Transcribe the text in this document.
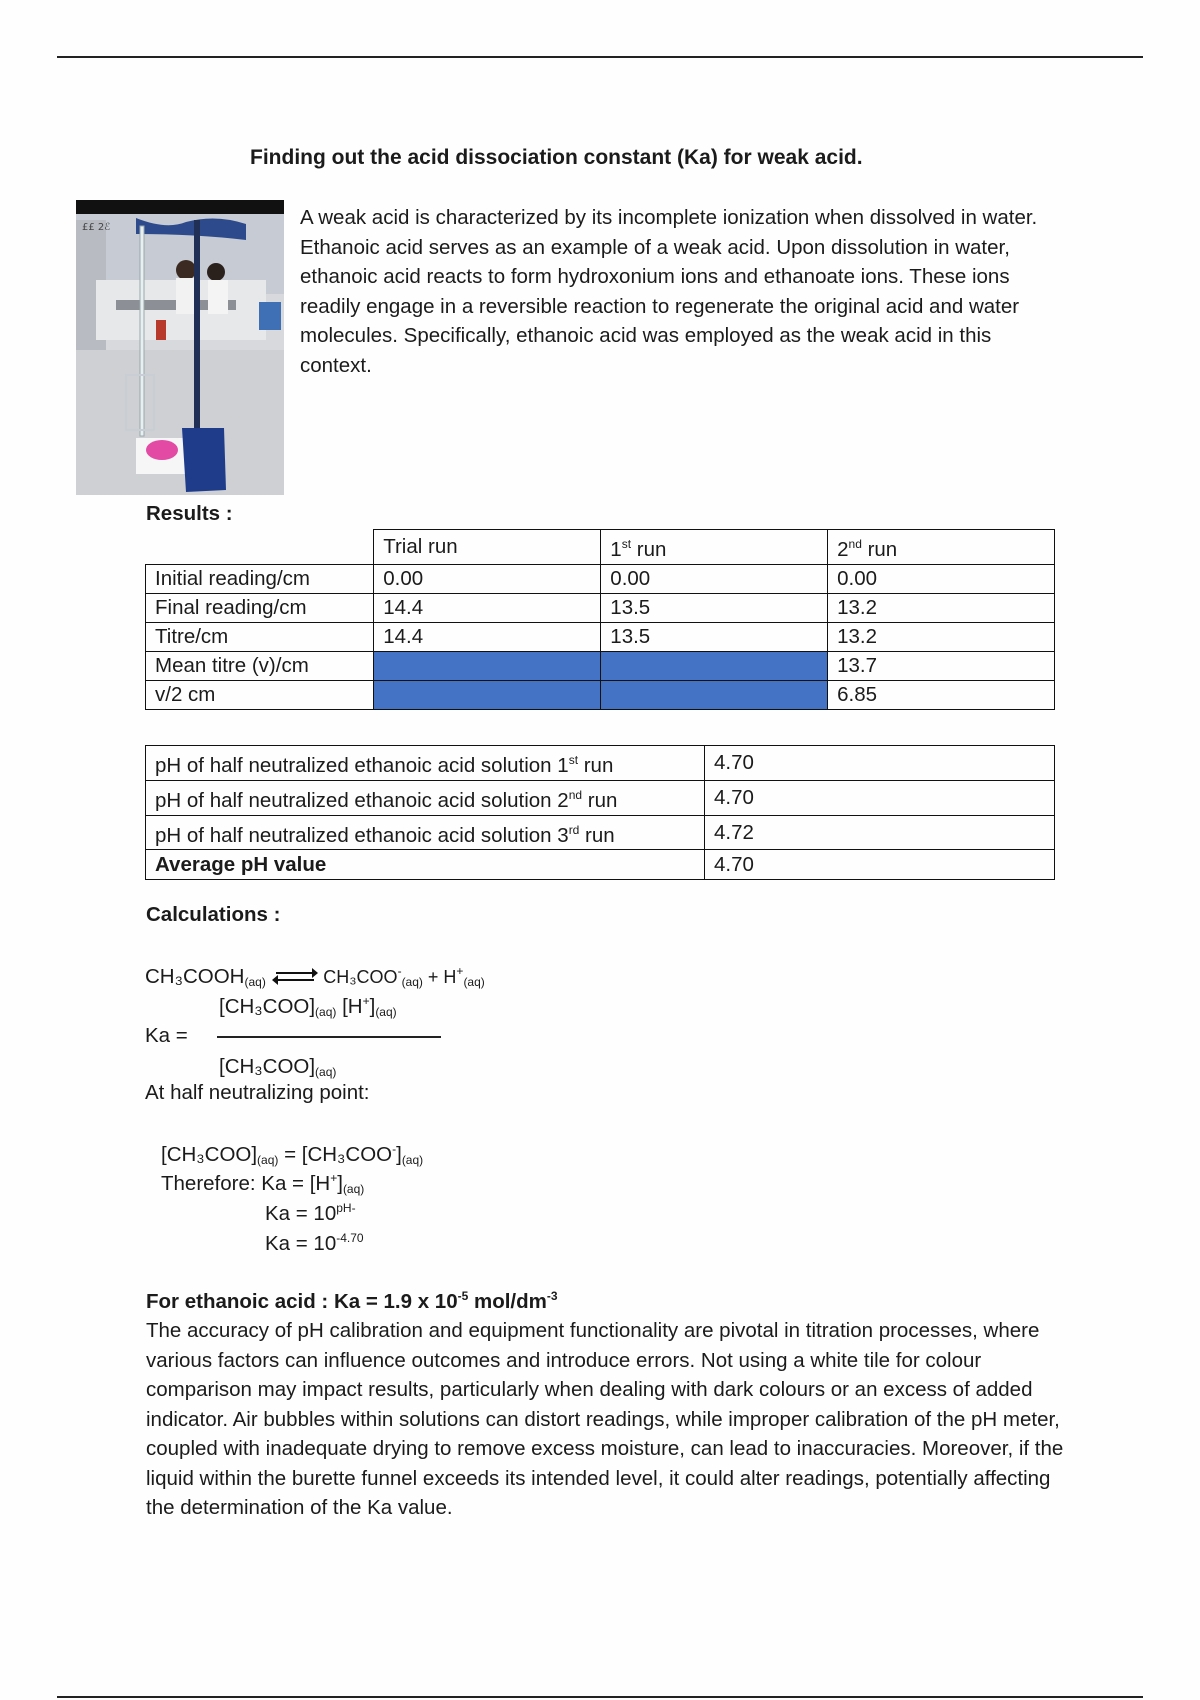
Finding out the acid dissociation constant (Ka) for weak acid.
££ 2ℰ	A weak acid is characterized by its incomplete ionization when dissolved in water. Ethanoic acid serves as an example of a weak acid. Upon dissolution in water, ethanoic acid reacts to form hydroxonium ions and ethanoate ions. These ions readily engage in a reversible reaction to regenerate the original acid and water molecules. Specifically, ethanoic acid was employed as the weak acid in this context.

Results :
	Trial run	1st run	2nd run
Initial reading/cm	0.00	0.00	0.00
Final reading/cm	14.4	13.5	13.2
Titre/cm	14.4	13.5	13.2
Mean titre (v)/cm			13.7
v/2 cm			6.85
pH of half neutralized ethanoic acid solution 1st run	4.70
pH of half neutralized ethanoic acid solution 2nd run	4.70
pH of half neutralized ethanoic acid solution 3rd run	4.72
Average pH value	4.70
Calculations :
$CH_3COOH_{(aq)}$ ⇌ $CH_3COO^-_{(aq)} + H^+_{(aq)}$
$[CH_3COO]_{(aq)}$ $[H^+]_{(aq)}$
Ka =
$[CH_3COO]_{(aq)}$
At half neutralizing point:
$[CH_3COO]_{(aq)} = [CH_3COO^-]_{(aq)}$
Therefore: $Ka = [H^+]_{(aq)}$
$Ka = 10^{pH-}$
$Ka = 10^{-4.70}$
For ethanoic acid : Ka = 1.9 x $10^{-5}$ mol/$dm^{-3}$

The accuracy of pH calibration and equipment functionality are pivotal in titration processes, where various factors can influence outcomes and introduce errors. Not using a white tile for colour comparison may impact results, particularly when dealing with dark colours or an excess of added indicator. Air bubbles within solutions can distort readings, while improper calibration of the pH meter, coupled with inadequate drying to remove excess moisture, can lead to inaccuracies. Moreover, if the liquid within the burette funnel exceeds its intended level, it could alter readings, potentially affecting the determination of the Ka value.
